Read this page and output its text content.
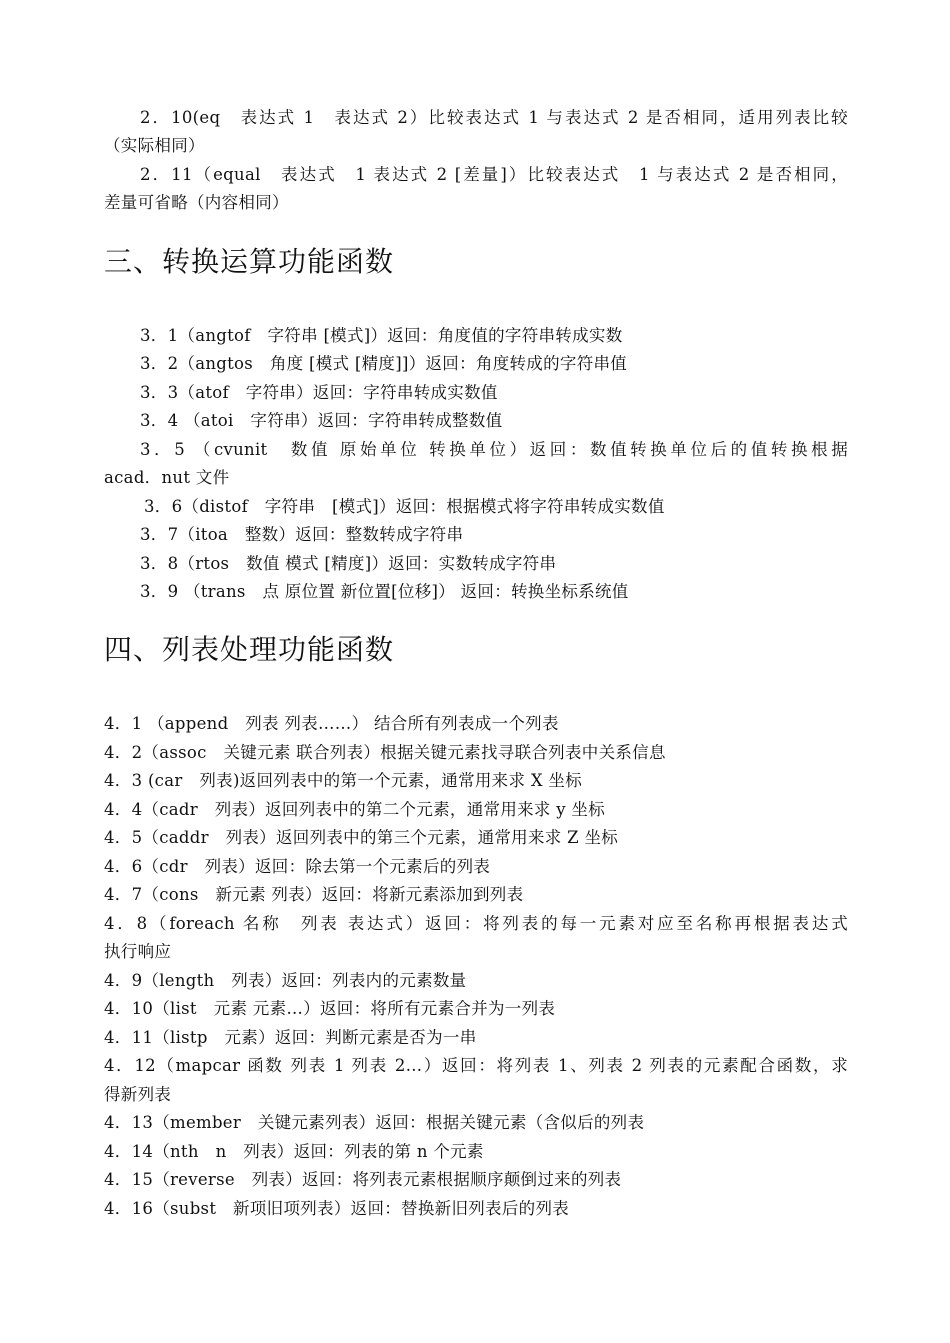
2．10(eq　表达式 1　表达式 2）比较表达式 1 与表达式 2 是否相同，适用列表比较
（实际相同）
2．11（equal　表达式　1 表达式 2 [差量]）比较表达式　1 与表达式 2 是否相同，
差量可省略（内容相同）
三、转换运算功能函数
3．1（angtof　字符串 [模式]）返回：角度值的字符串转成实数
3．2（angtos　角度 [模式 [精度]]）返回：角度转成的字符串值
3．3（atof　字符串）返回：字符串转成实数值
3．4 （atoi　字符串）返回：字符串转成整数值
3．5 （cvunit　数值 原始单位 转换单位）返回：数值转换单位后的值转换根据
acad．nut 文件
3．6（distof　字符串　[模式]）返回：根据模式将字符串转成实数值
3．7（itoa　整数）返回：整数转成字符串
3．8（rtos　数值 模式 [精度]）返回：实数转成字符串
3．9 （trans　点 原位置 新位置[位移]） 返回：转换坐标系统值
四、列表处理功能函数
4．1 （append　列表 列表……） 结合所有列表成一个列表
4．2（assoc　关键元素 联合列表）根据关键元素找寻联合列表中关系信息
4．3 (car　列表)返回列表中的第一个元素，通常用来求 X 坐标
4．4（cadr　列表）返回列表中的第二个元素，通常用来求 y 坐标
4．5（caddr　列表）返回列表中的第三个元素，通常用来求 Z 坐标
4．6（cdr　列表）返回：除去第一个元素后的列表
4．7（cons　新元素 列表）返回：将新元素添加到列表
4．8（foreach 名称　列表 表达式）返回：将列表的每一元素对应至名称再根据表达式
执行响应
4．9（length　列表）返回：列表内的元素数量
4．10（list　元素 元素…）返回：将所有元素合并为一列表
4．11（listp　元素）返回：判断元素是否为一串
4．12（mapcar 函数 列表 1 列表 2…）返回：将列表 1、列表 2 列表的元素配合函数，求
得新列表
4．13（member　关键元素列表）返回：根据关键元素（含似后的列表
4．14（nth　n　列表）返回：列表的第 n 个元素
4．15（reverse　列表）返回：将列表元素根据顺序颠倒过来的列表
4．16（subst　新项旧项列表）返回：替换新旧列表后的列表
